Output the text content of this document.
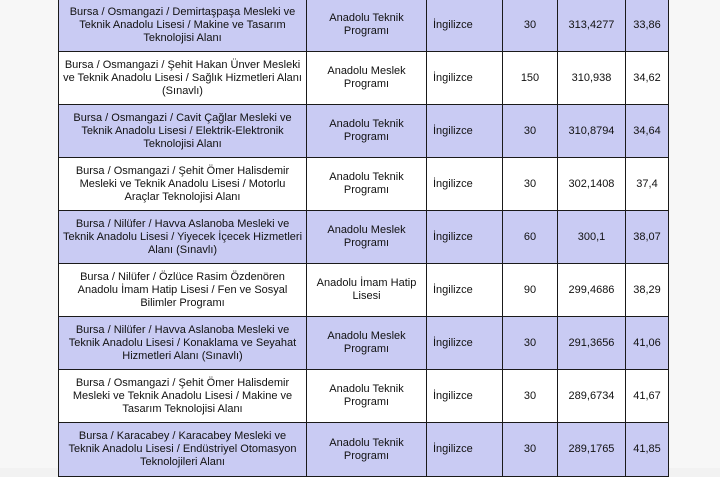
Bursa / Osmangazi / Demirtaşpaşa Mesleki ve Teknik Anadolu Lisesi / Makine ve Tasarım Teknolojisi Alanı	Anadolu Teknik Programı	İngilizce	30	313,4277	33,86
Bursa / Osmangazi / Şehit Hakan Ünver Mesleki ve Teknik Anadolu Lisesi / Sağlık Hizmetleri Alanı (Sınavlı)	Anadolu Meslek Programı	İngilizce	150	310,938	34,62
Bursa / Osmangazi / Cavit Çağlar Mesleki ve Teknik Anadolu Lisesi / Elektrik-Elektronik Teknolojisi Alanı	Anadolu Teknik Programı	İngilizce	30	310,8794	34,64
Bursa / Osmangazi / Şehit Ömer Halisdemir Mesleki ve Teknik Anadolu Lisesi / Motorlu Araçlar Teknolojisi Alanı	Anadolu Teknik Programı	İngilizce	30	302,1408	37,4
Bursa / Nilüfer / Havva Aslanoba Mesleki ve Teknik Anadolu Lisesi / Yiyecek İçecek Hizmetleri Alanı (Sınavlı)	Anadolu Meslek Programı	İngilizce	60	300,1	38,07
Bursa / Nilüfer / Özlüce Rasim Özdenören Anadolu İmam Hatip Lisesi / Fen ve Sosyal Bilimler Programı	Anadolu İmam Hatip Lisesi	İngilizce	90	299,4686	38,29
Bursa / Nilüfer / Havva Aslanoba Mesleki ve Teknik Anadolu Lisesi / Konaklama ve Seyahat Hizmetleri Alanı (Sınavlı)	Anadolu Meslek Programı	İngilizce	30	291,3656	41,06
Bursa / Osmangazi / Şehit Ömer Halisdemir Mesleki ve Teknik Anadolu Lisesi / Makine ve Tasarım Teknolojisi Alanı	Anadolu Teknik Programı	İngilizce	30	289,6734	41,67
Bursa / Karacabey / Karacabey Mesleki ve Teknik Anadolu Lisesi / Endüstriyel Otomasyon Teknolojileri Alanı	Anadolu Teknik Programı	İngilizce	30	289,1765	41,85
